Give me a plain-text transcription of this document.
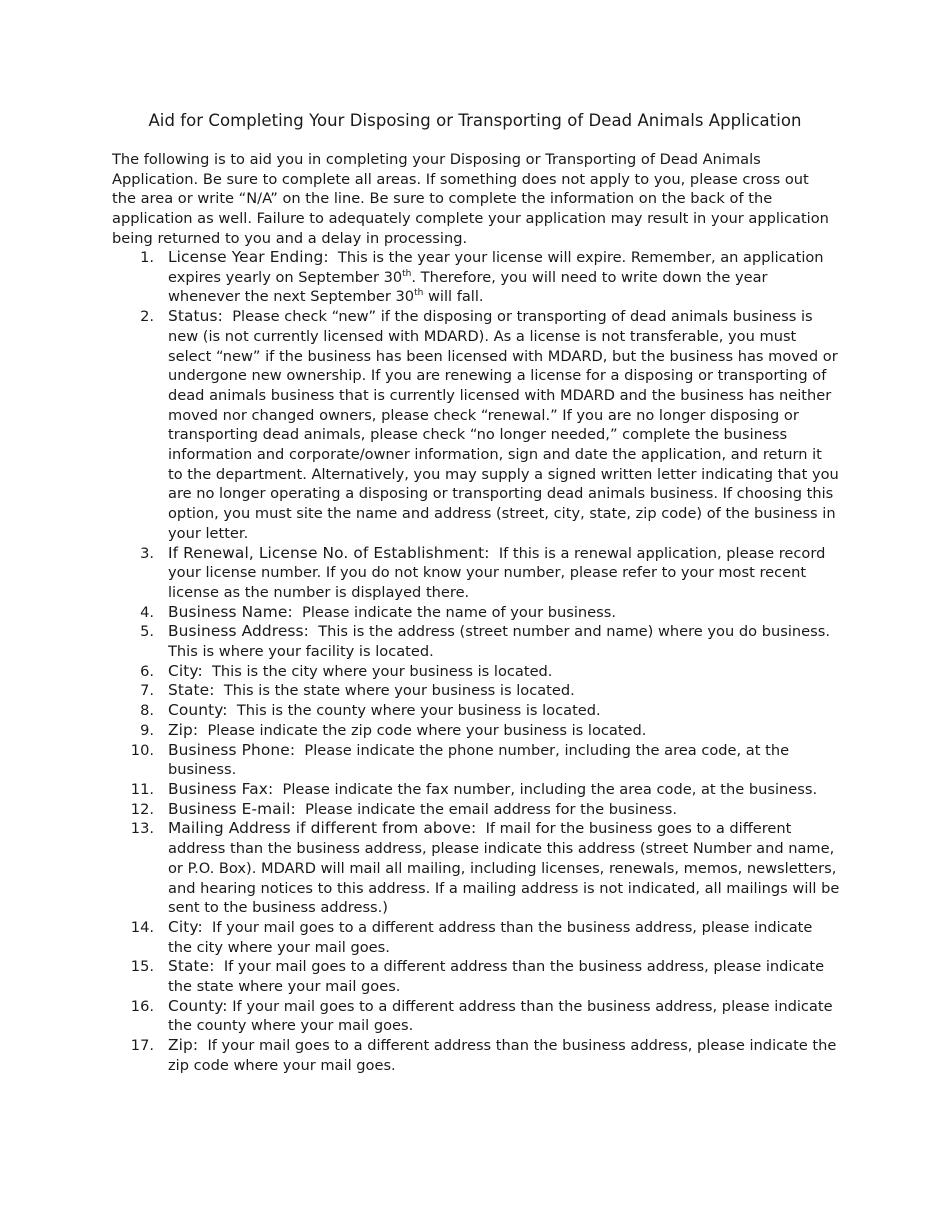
Aid for Completing Your Disposing or Transporting of Dead Animals Application

The following is to aid you in completing your Disposing or Transporting of Dead Animals Application. Be sure to complete all areas. If something does not apply to you, please cross out the area or write “N/A” on the line. Be sure to complete the information on the back of the application as well. Failure to adequately complete your application may result in your application being returned to you and a delay in processing.

1. License Year Ending: This is the year your license will expire. Remember, an application expires yearly on September 30th. Therefore, you will need to write down the year whenever the next September 30th will fall.
2. Status: Please check “new” if the disposing or transporting of dead animals business is new (is not currently licensed with MDARD). As a license is not transferable, you must select “new” if the business has been licensed with MDARD, but the business has moved or undergone new ownership. If you are renewing a license for a disposing or transporting of dead animals business that is currently licensed with MDARD and the business has neither moved nor changed owners, please check “renewal.” If you are no longer disposing or transporting dead animals, please check “no longer needed,” complete the business information and corporate/owner information, sign and date the application, and return it to the department. Alternatively, you may supply a signed written letter indicating that you are no longer operating a disposing or transporting dead animals business. If choosing this option, you must site the name and address (street, city, state, zip code) of the business in your letter.
3. If Renewal, License No. of Establishment: If this is a renewal application, please record your license number. If you do not know your number, please refer to your most recent license as the number is displayed there.
4. Business Name: Please indicate the name of your business.
5. Business Address: This is the address (street number and name) where you do business. This is where your facility is located.
6. City: This is the city where your business is located.
7. State: This is the state where your business is located.
8. County: This is the county where your business is located.
9. Zip: Please indicate the zip code where your business is located.
10. Business Phone: Please indicate the phone number, including the area code, at the business.
11. Business Fax:  Please indicate the fax number, including the area code, at the business.
12. Business E-mail: Please indicate the email address for the business.
13. Mailing Address if different from above: If mail for the business goes to a different address than the business address, please indicate this address (street Number and name, or P.O. Box). MDARD will mail all mailing, including licenses, renewals, memos, newsletters, and hearing notices to this address. If a mailing address is not indicated, all mailings will be sent to the business address.)
14. City: If your mail goes to a different address than the business address, please indicate the city where your mail goes.
15. State: If your mail goes to a different address than the business address, please indicate the state where your mail goes.
16. County: If your mail goes to a different address than the business address, please indicate the county where your mail goes.
17. Zip: If your mail goes to a different address than the business address, please indicate the zip code where your mail goes.
